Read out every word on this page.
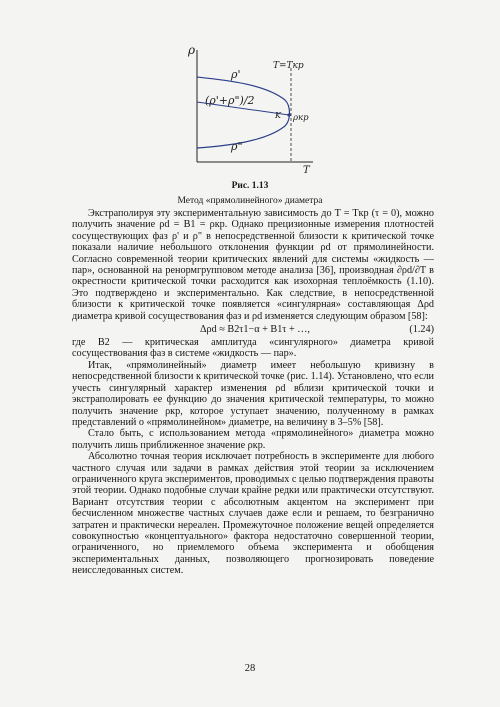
ρ
T
T=Tкр
ρ'
(ρ'+ρ")/2
ρ"
K ρкр
Рис. 1.13
Метод «прямолинейного» диаметра

Экстраполируя эту экспериментальную зависимость до T = Tкр (τ = 0), можно получить значение ρd = B1 = ρкр. Однако прецизионные измерения плотностей сосуществующих фаз ρ' и ρ" в непосредственной близости к критической точке показали наличие небольшого отклонения функции ρd от прямолинейности. Согласно современной теории критических явлений для системы «жидкость — пар», основанной на ренормгрупповом методе анализа [36], производная ∂ρd/∂T в окрестности критической точки расходится как изохорная теплоёмкость (1.10). Это подтверждено и экспериментально. Как следствие, в непосредственной близости к критической точке появляется «сингулярная» составляющая Δρd диаметра кривой сосуществования фаз и ρd изменяется следующим образом [58]:

Δρd ≈ B2τ1−α + B1τ + …,	(1.24)

где B2 — критическая амплитуда «сингулярного» диаметра кривой сосуществования фаз в системе «жидкость — пар».

Итак, «прямолинейный» диаметр имеет небольшую кривизну в непосредственной близости к критической точке (рис. 1.14). Установлено, что если учесть сингулярный характер изменения ρd вблизи критической точки и экстраполировать ее функцию до значения критической температуры, то можно получить значение ρкр, которое уступает значению, полученному в рамках представлений о «прямолинейном» диаметре, на величину в 3–5% [58].

Стало быть, с использованием метода «прямолинейного» диаметра можно получить лишь приближенное значение ρкр.

Абсолютно точная теория исключает потребность в эксперименте для любого частного случая или задачи в рамках действия этой теории за исключением ограниченного круга экспериментов, проводимых с целью подтверждения правоты этой теории. Однако подобные случаи крайне редки или практически отсутствуют. Вариант отсутствия теории с абсолютным акцентом на эксперимент при бесчисленном множестве частных случаев даже если и решаем, то безгранично затратен и практически нереален. Промежуточное положение вещей определяется совокупностью «концептуального» фактора недостаточно совершенной теории, ограниченного, но приемлемого объема эксперимента и обобщения экспериментальных данных, позволяющего прогнозировать поведение неисследованных систем.

28
